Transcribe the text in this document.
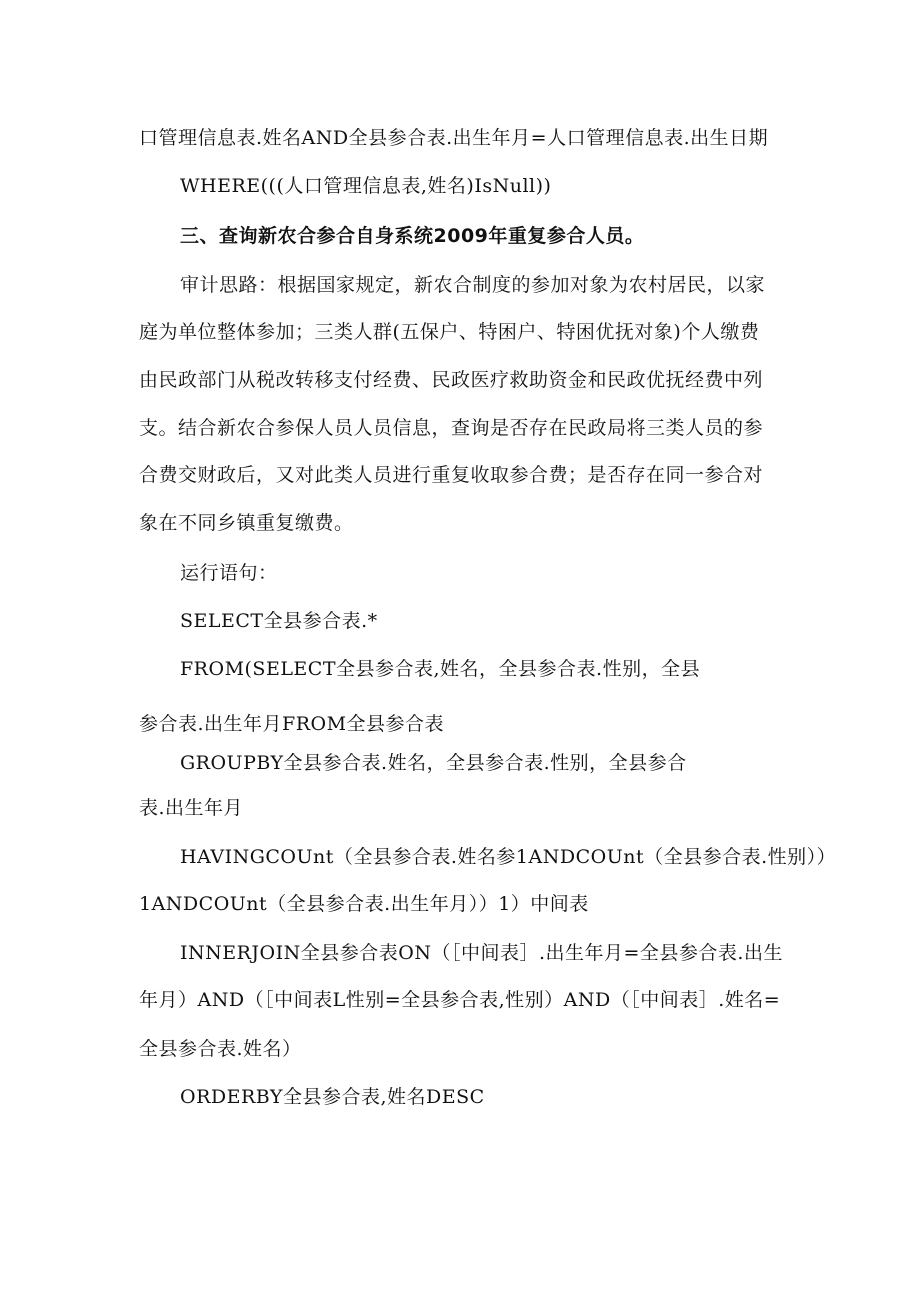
口管理信息表.姓名AND全县参合表.出生年月=人口管理信息表.出生日期
WHERE(((人口管理信息表,姓名)IsNull))
三、查询新农合参合自身系统2009年重复参合人员。
审计思路：根据国家规定，新农合制度的参加对象为农村居民，以家
庭为单位整体参加；三类人群(五保户、特困户、特困优抚对象)个人缴费
由民政部门从税改转移支付经费、民政医疗救助资金和民政优抚经费中列
支。结合新农合参保人员人员信息，查询是否存在民政局将三类人员的参
合费交财政后，又对此类人员进行重复收取参合费；是否存在同一参合对
象在不同乡镇重复缴费。
运行语句：
SELECT全县参合表.*
FROM(SELECT全县参合表,姓名，全县参合表.性别，全县
参合表.出生年月FROM全县参合表
GROUPBY全县参合表.姓名，全县参合表.性别，全县参合
表.出生年月
HAVINGCOUnt（全县参合表.姓名参1ANDCOUnt（全县参合表.性别））
1ANDCOUnt（全县参合表.出生年月））1）中间表
INNERJOIN全县参合表ON（［中间表］.出生年月=全县参合表.出生
年月）AND（［中间表L性别=全县参合表,性别）AND（［中间表］.姓名=
全县参合表.姓名）
ORDERBY全县参合表,姓名DESC
